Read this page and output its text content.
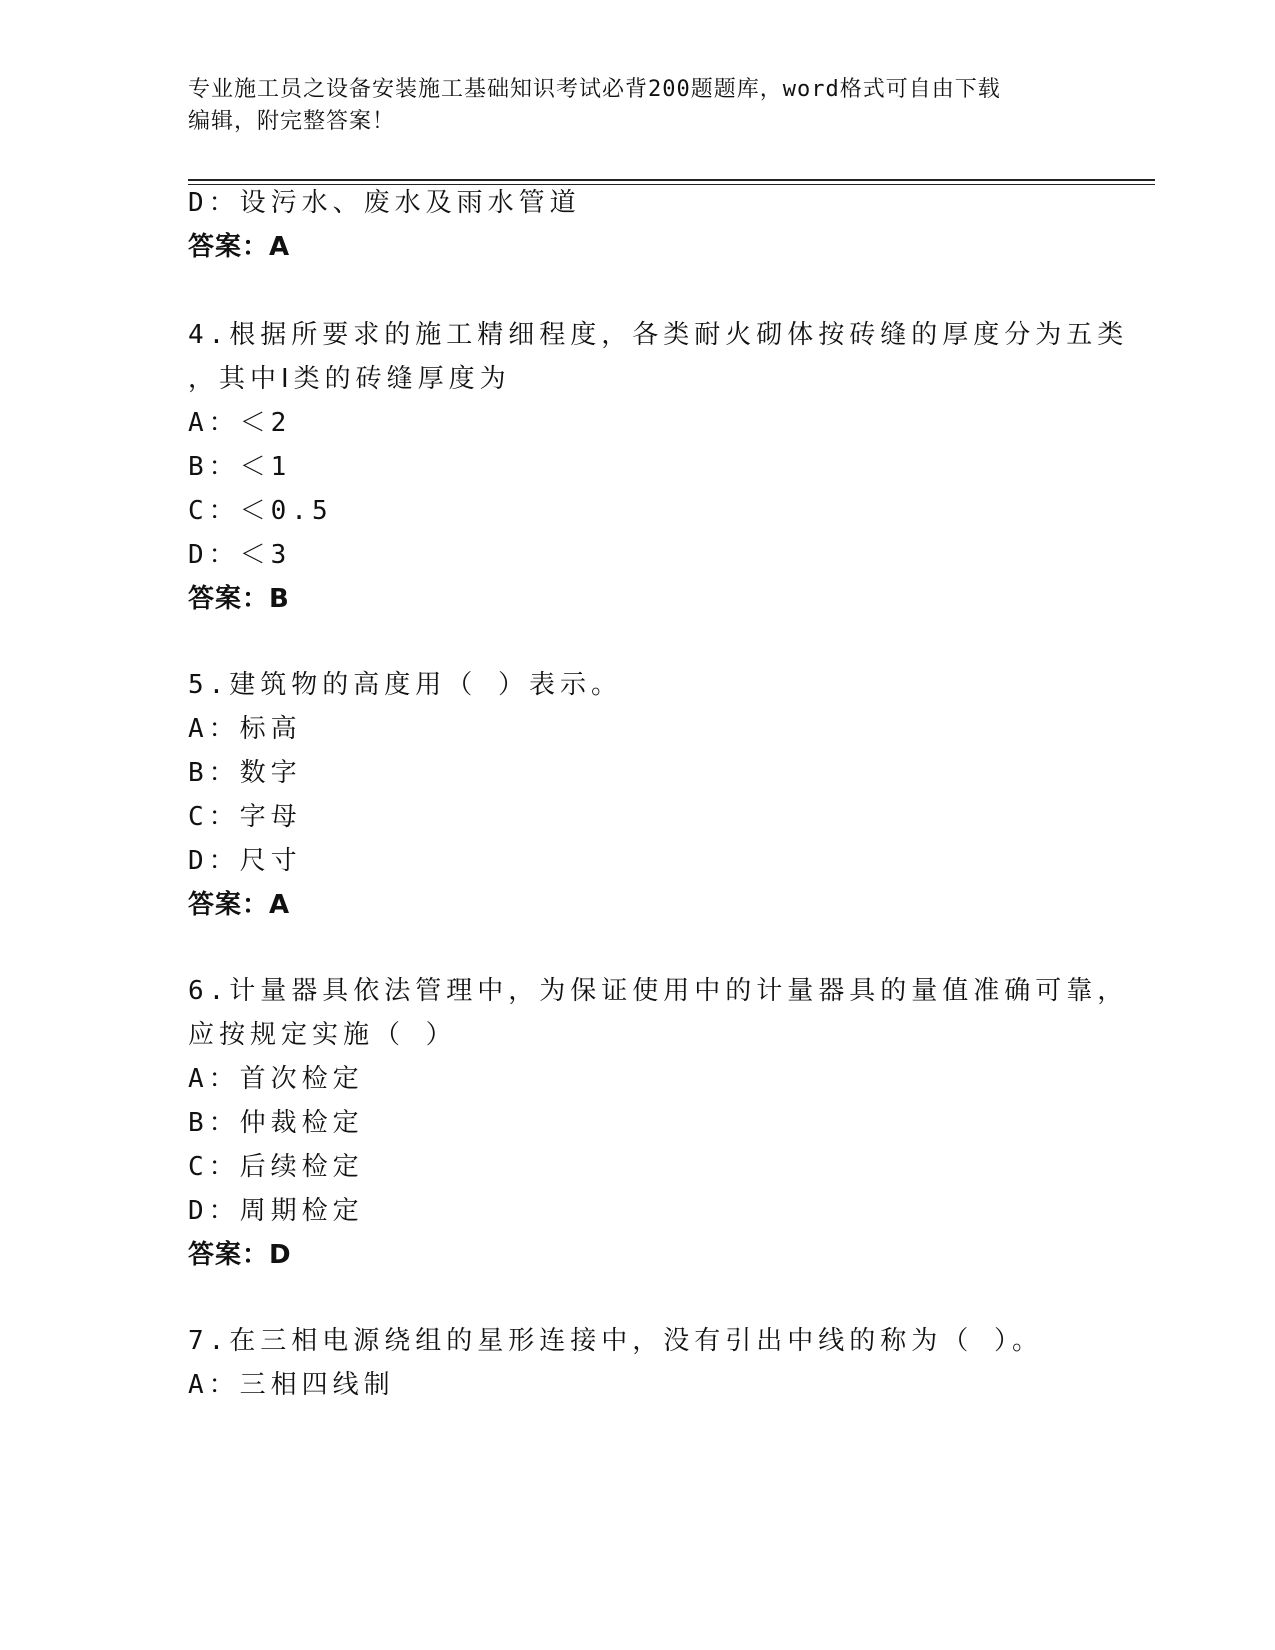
专业施工员之设备安装施工基础知识考试必背200题题库，word格式可自由下载
编辑，附完整答案！
D：设污水、废水及雨水管道
答案：A
4.根据所要求的施工精细程度，各类耐火砌体按砖缝的厚度分为五类
，其中Ⅰ类的砖缝厚度为
A：＜2
B：＜1
C：＜0.5
D：＜3
答案：B
5.建筑物的高度用（ ）表示。
A：标高
B：数字
C：字母
D：尺寸
答案：A
6.计量器具依法管理中，为保证使用中的计量器具的量值准确可靠，
应按规定实施（ ）
A：首次检定
B：仲裁检定
C：后续检定
D：周期检定
答案：D
7.在三相电源绕组的星形连接中，没有引出中线的称为（ ）。
A：三相四线制
